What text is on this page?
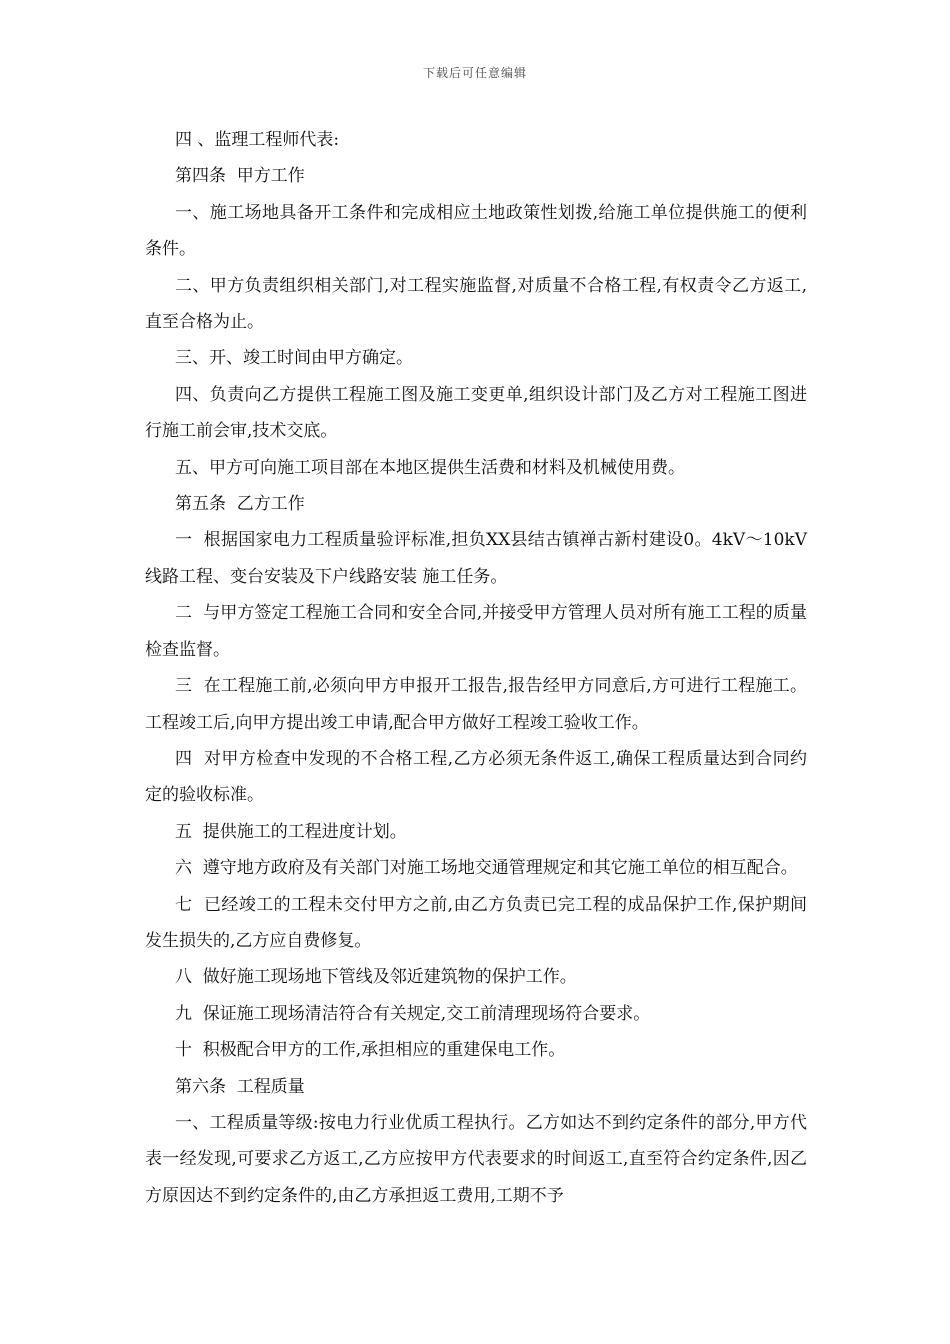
下载后可任意编辑

四 、监理工程师代表:

第四条  甲方工作

一、施工场地具备开工条件和完成相应土地政策性划拨,给施工单位提供施工的便利条件。

二、甲方负责组织相关部门,对工程实施监督,对质量不合格工程,有权责令乙方返工,直至合格为止。

三、开、竣工时间由甲方确定。

四、负责向乙方提供工程施工图及施工变更单,组织设计部门及乙方对工程施工图进行施工前会审,技术交底。

五、甲方可向施工项目部在本地区提供生活费和材料及机械使用费。

第五条  乙方工作

一  根据国家电力工程质量验评标准,担负XX县结古镇禅古新村建设0。4kV～10kV线路工程、变台安装及下户线路安装 施工任务。

二  与甲方签定工程施工合同和安全合同,并接受甲方管理人员对所有施工工程的质量检查监督。

三  在工程施工前,必须向甲方申报开工报告,报告经甲方同意后,方可进行工程施工。工程竣工后,向甲方提出竣工申请,配合甲方做好工程竣工验收工作。

四  对甲方检查中发现的不合格工程,乙方必须无条件返工,确保工程质量达到合同约定的验收标准。

五  提供施工的工程进度计划。

六  遵守地方政府及有关部门对施工场地交通管理规定和其它施工单位的相互配合。

七  已经竣工的工程未交付甲方之前,由乙方负责已完工程的成品保护工作,保护期间发生损失的,乙方应自费修复。

八  做好施工现场地下管线及邻近建筑物的保护工作。

九  保证施工现场清洁符合有关规定,交工前清理现场符合要求。

十  积极配合甲方的工作,承担相应的重建保电工作。

第六条  工程质量

一、工程质量等级:按电力行业优质工程执行。乙方如达不到约定条件的部分,甲方代表一经发现,可要求乙方返工,乙方应按甲方代表要求的时间返工,直至符合约定条件,因乙方原因达不到约定条件的,由乙方承担返工费用,工期不予
